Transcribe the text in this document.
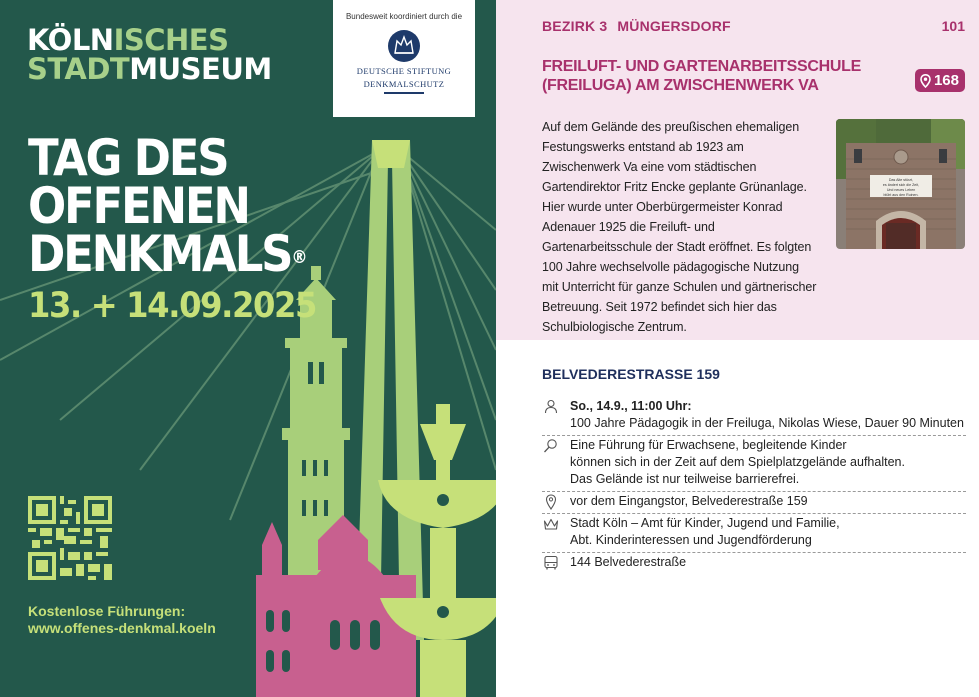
KÖLNISCHES
STADTMUSEUM
Bundesweit koordiniert durch die
DEUTSCHE STIFTUNG
DENKMALSCHUTZ
TAG DES
OFFENEN
DENKMALS®
13. + 14.09.2025
Kostenlose Führungen:
www.offenes-denkmal.koeln
BEZIRK 3 MÜNGERSDORF	101
FREILUFT- UND GARTENARBEITSSCHULE (FREILUGA) AM ZWISCHENWERK VA	168
Auf dem Gelände des preußischen ehemaligen Festungswerks entstand ab 1923 am Zwischenwerk Va eine vom städtischen Gartendirektor Fritz Encke geplante Grünanlage. Hier wurde unter Oberbürgermeister Konrad Adenauer 1925 die Freiluft- und Gartenarbeitsschule der Stadt eröffnet. Es folgten 100 Jahre wechselvolle pädagogische Nutzung mit Unterricht für ganze Schulen und gärtnerischer Betreuung. Seit 1972 befindet sich hier das Schulbiologische Zentrum.
Das Alte stürzt,
es ändert sich die Zeit,
Und neues Leben
blüht aus den Ruinen.
BELVEDERESTRASSE 159
So., 14.9., 11:00 Uhr:
100 Jahre Pädagogik in der Freiluga, Nikolas Wiese, Dauer 90 Minuten
Eine Führung für Erwachsene, begleitende Kinder
können sich in der Zeit auf dem Spielplatzgelände aufhalten.
Das Gelände ist nur teilweise barrierefrei.
vor dem Eingangstor, Belvederestraße 159
Stadt Köln – Amt für Kinder, Jugend und Familie,
Abt. Kinderinteressen und Jugendförderung
144 Belvederestraße
